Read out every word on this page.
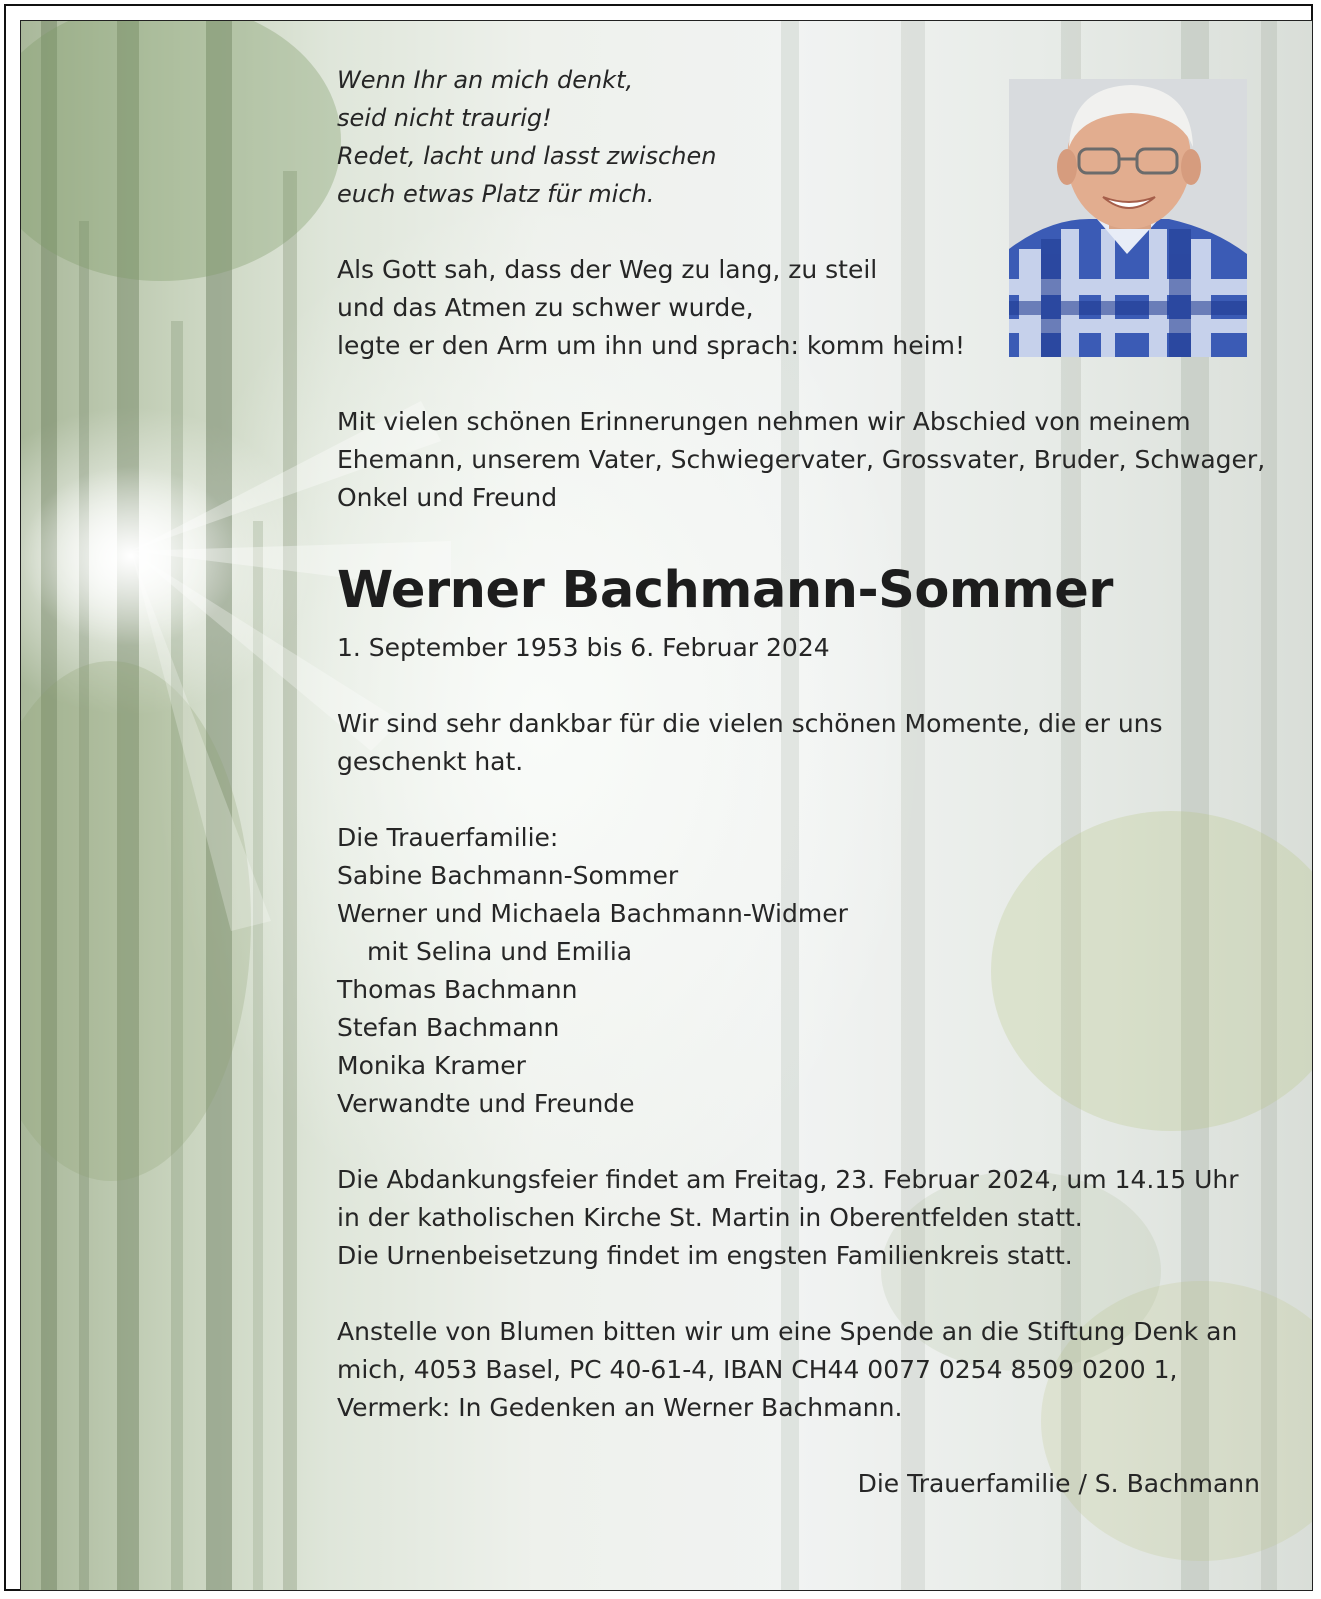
Wenn Ihr an mich denkt,

seid nicht traurig!

Redet, lacht und lasst zwischen

euch etwas Platz für mich.

Als Gott sah, dass der Weg zu lang, zu steil

und das Atmen zu schwer wurde,

legte er den Arm um ihn und sprach: komm heim!

Mit vielen schönen Erinnerungen nehmen wir Abschied von meinem

Ehemann, unserem Vater, Schwiegervater, Grossvater, Bruder, Schwager,

Onkel und Freund

Werner Bachmann-Sommer

1. September 1953 bis 6. Februar 2024

Wir sind sehr dankbar für die vielen schönen Momente, die er uns

geschenkt hat.

Die Trauerfamilie:

Sabine Bachmann-Sommer

Werner und Michaela Bachmann-Widmer

mit Selina und Emilia

Thomas Bachmann

Stefan Bachmann

Monika Kramer

Verwandte und Freunde

Die Abdankungsfeier findet am Freitag, 23. Februar 2024, um 14.15 Uhr

in der katholischen Kirche St. Martin in Oberentfelden statt.

Die Urnenbeisetzung findet im engsten Familienkreis statt.

Anstelle von Blumen bitten wir um eine Spende an die Stiftung Denk an

mich, 4053 Basel, PC 40-61-4, IBAN CH44 0077 0254 8509 0200 1,

Vermerk: In Gedenken an Werner Bachmann.

Die Trauerfamilie / S. Bachmann
